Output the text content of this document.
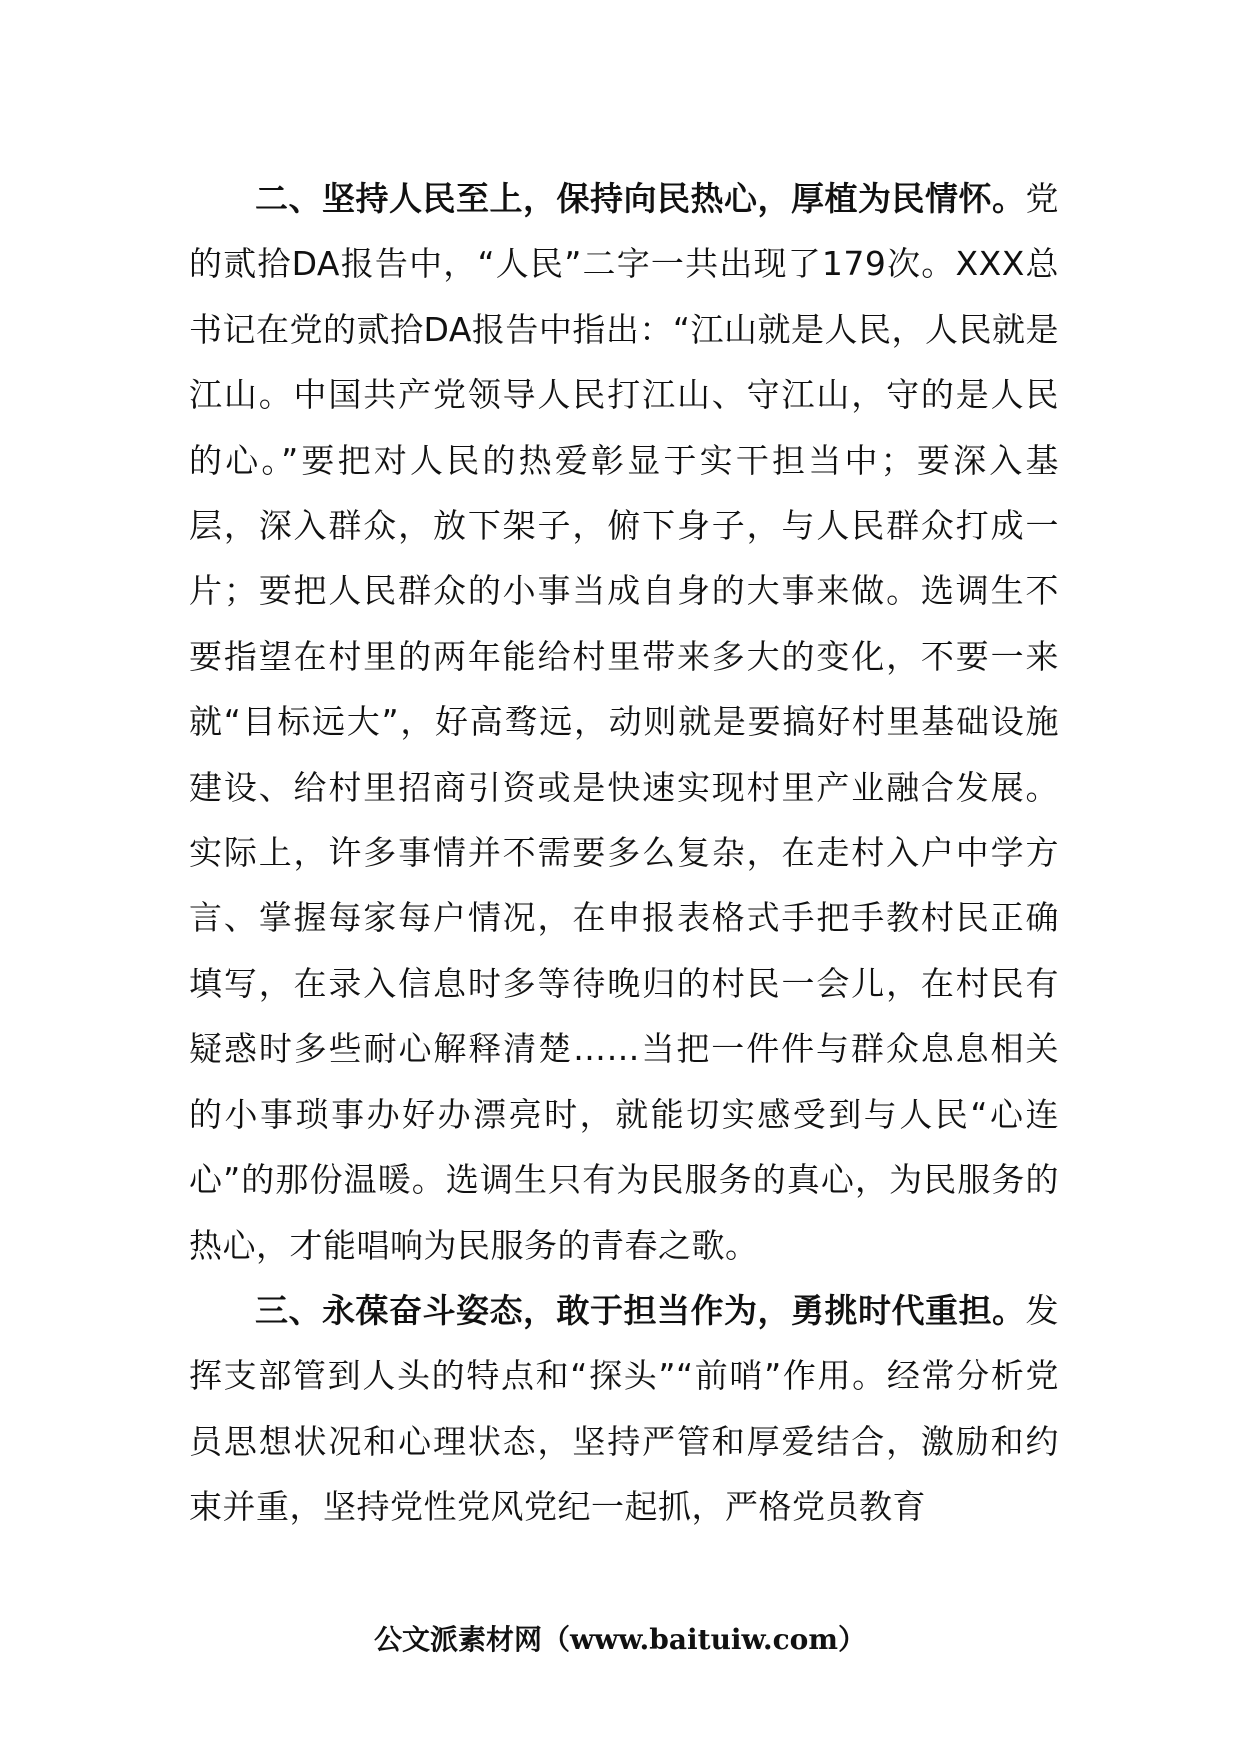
二、坚持人民至上，保持向民热心，厚植为民情怀。党的贰拾DA报告中，“人民”二字一共出现了179次。XXX总书记在党的贰拾DA报告中指出：“江山就是人民，人民就是江山。中国共产党领导人民打江山、守江山，守的是人民的心。”要把对人民的热爱彰显于实干担当中；要深入基层，深入群众，放下架子，俯下身子，与人民群众打成一片；要把人民群众的小事当成自身的大事来做。选调生不要指望在村里的两年能给村里带来多大的变化，不要一来就“目标远大”，好高骛远，动则就是要搞好村里基础设施建设、给村里招商引资或是快速实现村里产业融合发展。实际上，许多事情并不需要多么复杂，在走村入户中学方言、掌握每家每户情况，在申报表格式手把手教村民正确填写，在录入信息时多等待晚归的村民一会儿，在村民有疑惑时多些耐心解释清楚……当把一件件与群众息息相关的小事琐事办好办漂亮时，就能切实感受到与人民“心连心”的那份温暖。选调生只有为民服务的真心，为民服务的热心，才能唱响为民服务的青春之歌。

三、永葆奋斗姿态，敢于担当作为，勇挑时代重担。发挥支部管到人头的特点和“探头”“前哨”作用。经常分析党员思想状况和心理状态，坚持严管和厚爱结合，激励和约束并重，坚持党性党风党纪一起抓，严格党员教育

公文派素材网（www.baituiw.com）
